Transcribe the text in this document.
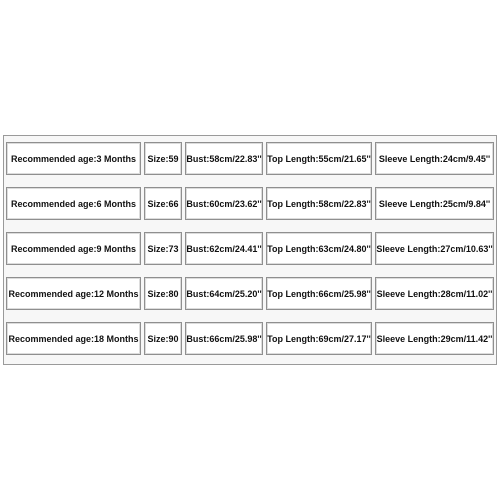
Recommended age:3 Months	Size:59 Bust:58cm/22.83'' Top Length:55cm/21.65'' Sleeve Length:24cm/9.45''
Recommended age:6 Months	Size:66 Bust:60cm/23.62'' Top Length:58cm/22.83'' Sleeve Length:25cm/9.84''
Recommended age:9 Months	Size:73 Bust:62cm/24.41'' Top Length:63cm/24.80'' Sleeve Length:27cm/10.63''
Recommended age:12 Months Size:80 Bust:64cm/25.20'' Top Length:66cm/25.98'' Sleeve Length:28cm/11.02''
Recommended age:18 Months Size:90 Bust:66cm/25.98'' Top Length:69cm/27.17'' Sleeve Length:29cm/11.42''
